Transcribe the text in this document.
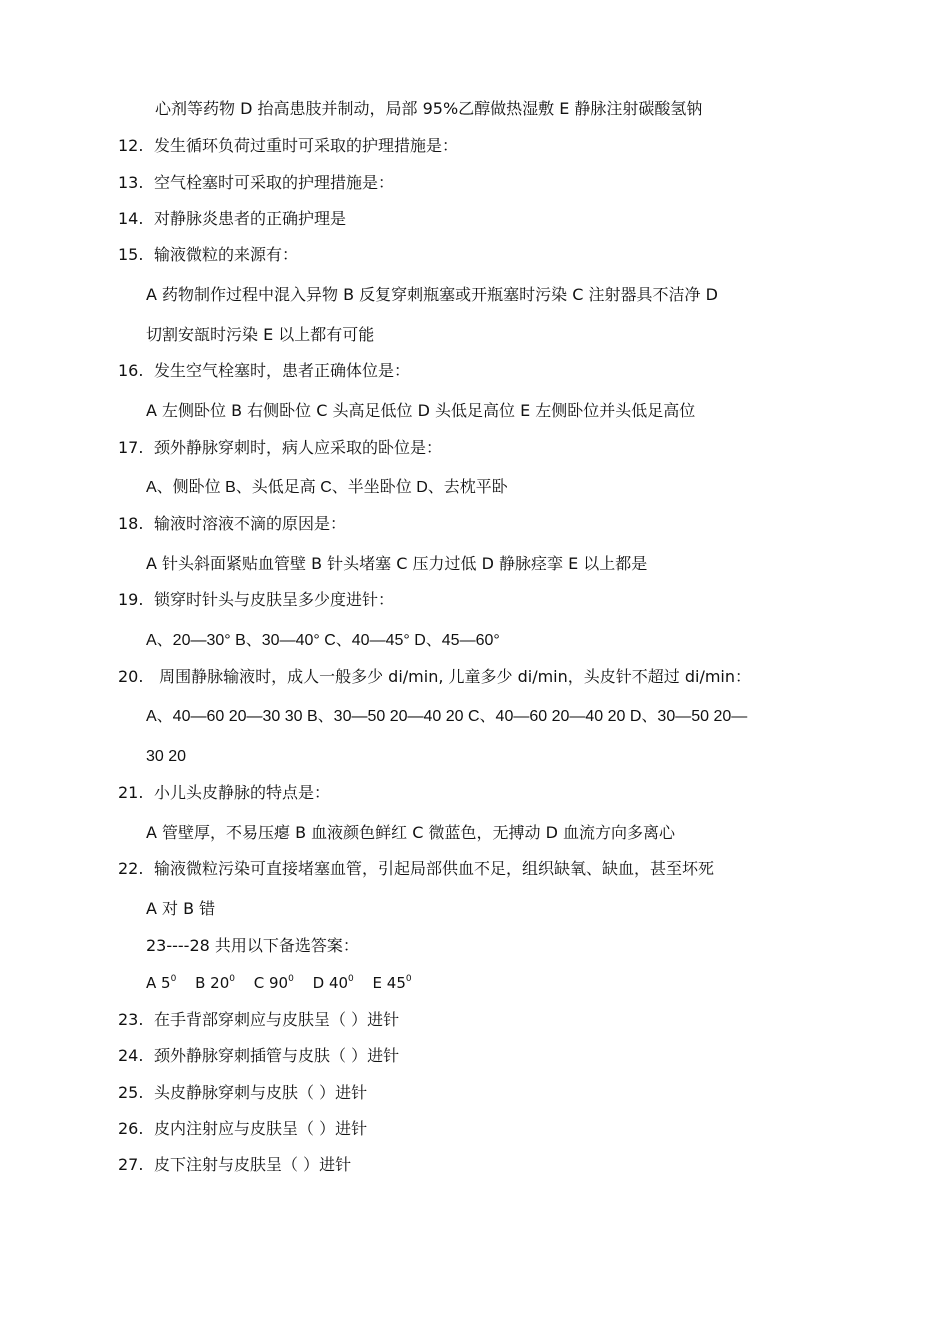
心剂等药物 D 抬高患肢并制动，局部 95%乙醇做热湿敷 E 静脉注射碳酸氢钠
12. 发生循环负荷过重时可采取的护理措施是：
13. 空气栓塞时可采取的护理措施是：
14. 对静脉炎患者的正确护理是
15. 输液微粒的来源有：
A 药物制作过程中混入异物 B 反复穿刺瓶塞或开瓶塞时污染 C 注射器具不洁净 D
切割安瓿时污染 E 以上都有可能
16. 发生空气栓塞时，患者正确体位是：
A 左侧卧位 B 右侧卧位 C 头高足低位 D 头低足高位 E 左侧卧位并头低足高位
17. 颈外静脉穿刺时，病人应采取的卧位是：
A、侧卧位 B、头低足高 C、半坐卧位 D、去枕平卧
18. 输液时溶液不滴的原因是：
A 针头斜面紧贴血管壁 B 针头堵塞 C 压力过低 D 静脉痉挛 E 以上都是
19. 锁穿时针头与皮肤呈多少度进针：
A、20—30° B、30—40° C、40—45° D、45—60°
20. 周围静脉输液时，成人一般多少 di/min, 儿童多少 di/min，头皮针不超过 di/min：
A、40—60 20—30 30 B、30—50 20—40 20 C、40—60 20—40 20 D、30—50 20—
30 20
21. 小儿头皮静脉的特点是：
A 管壁厚，不易压瘪 B 血液颜色鲜红 C 微蓝色，无搏动 D 血流方向多离心
22. 输液微粒污染可直接堵塞血管，引起局部供血不足，组织缺氧、缺血，甚至坏死
A 对 B 错
23----28 共用以下备选答案：
A $5^0$ B $20^0$ C $90^0$ D $40^0$ E $45^0$
23. 在手背部穿刺应与皮肤呈（ ）进针
24. 颈外静脉穿刺插管与皮肤（ ）进针
25. 头皮静脉穿刺与皮肤（ ）进针
26. 皮内注射应与皮肤呈（ ）进针
27. 皮下注射与皮肤呈（ ）进针
